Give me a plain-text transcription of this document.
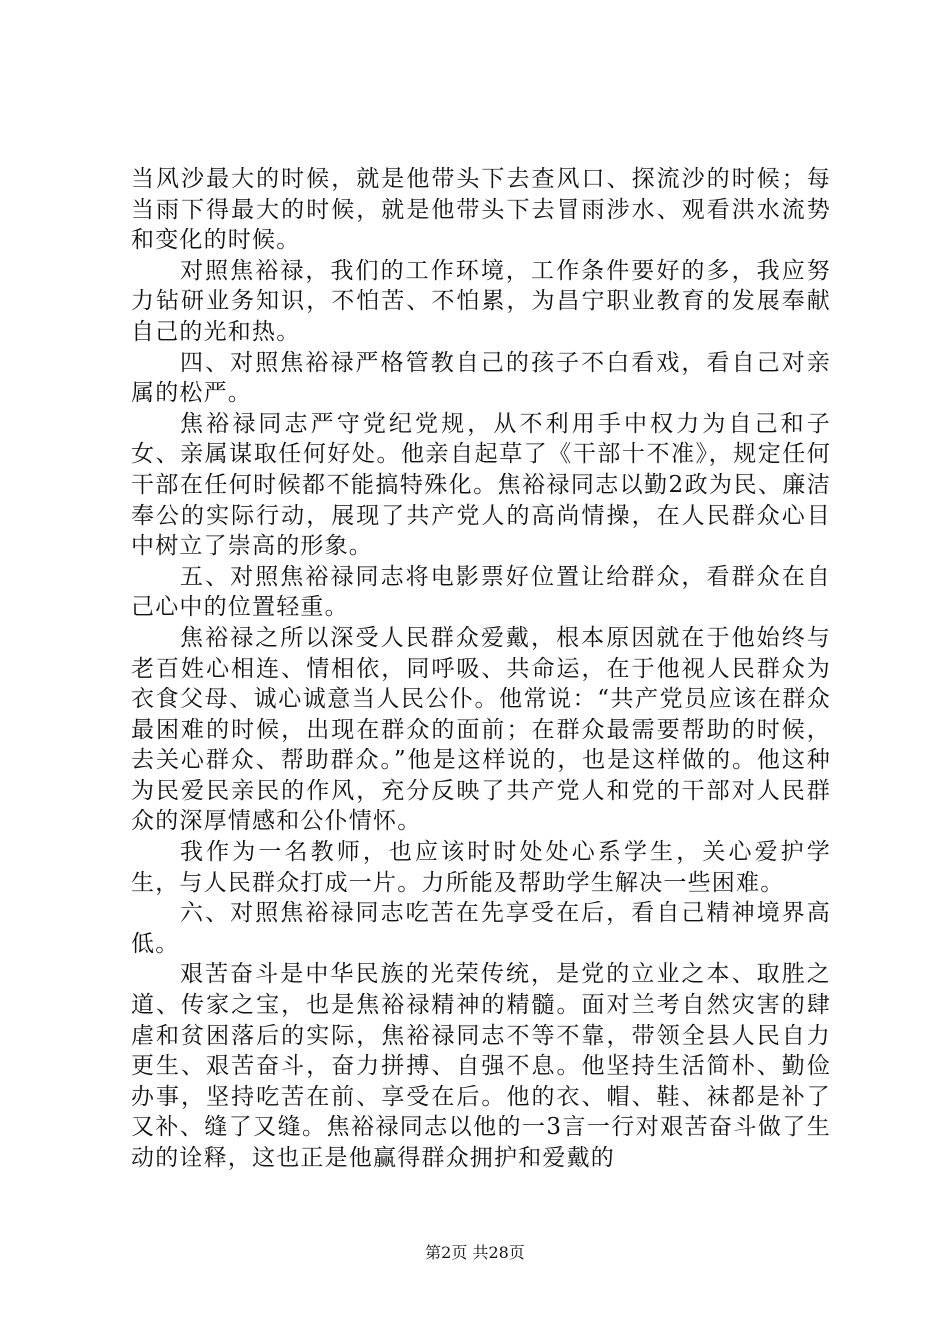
当风沙最大的时候，就是他带头下去查风口、探流沙的时候；每当雨下得最大的时候，就是他带头下去冒雨涉水、观看洪水流势和变化的时候。

对照焦裕禄，我们的工作环境，工作条件要好的多，我应努力钻研业务知识，不怕苦、不怕累，为昌宁职业教育的发展奉献自己的光和热。

四、对照焦裕禄严格管教自己的孩子不白看戏，看自己对亲属的松严。

焦裕禄同志严守党纪党规，从不利用手中权力为自己和子女、亲属谋取任何好处。他亲自起草了《干部十不准》，规定任何干部在任何时候都不能搞特殊化。焦裕禄同志以勤2政为民、廉洁奉公的实际行动，展现了共产党人的高尚情操，在人民群众心目中树立了崇高的形象。

五、对照焦裕禄同志将电影票好位置让给群众，看群众在自己心中的位置轻重。

焦裕禄之所以深受人民群众爱戴，根本原因就在于他始终与老百姓心相连、情相依，同呼吸、共命运，在于他视人民群众为衣食父母、诚心诚意当人民公仆。他常说：“共产党员应该在群众最困难的时候，出现在群众的面前；在群众最需要帮助的时候，去关心群众、帮助群众。”他是这样说的，也是这样做的。他这种为民爱民亲民的作风，充分反映了共产党人和党的干部对人民群众的深厚情感和公仆情怀。

我作为一名教师，也应该时时处处心系学生，关心爱护学生，与人民群众打成一片。力所能及帮助学生解决一些困难。

六、对照焦裕禄同志吃苦在先享受在后，看自己精神境界高低。

艰苦奋斗是中华民族的光荣传统，是党的立业之本、取胜之道、传家之宝，也是焦裕禄精神的精髓。面对兰考自然灾害的肆虐和贫困落后的实际，焦裕禄同志不等不靠，带领全县人民自力更生、艰苦奋斗，奋力拼搏、自强不息。他坚持生活简朴、勤俭办事，坚持吃苦在前、享受在后。他的衣、帽、鞋、袜都是补了又补、缝了又缝。焦裕禄同志以他的一3言一行对艰苦奋斗做了生动的诠释，这也正是他赢得群众拥护和爱戴的

第2页 共28页
